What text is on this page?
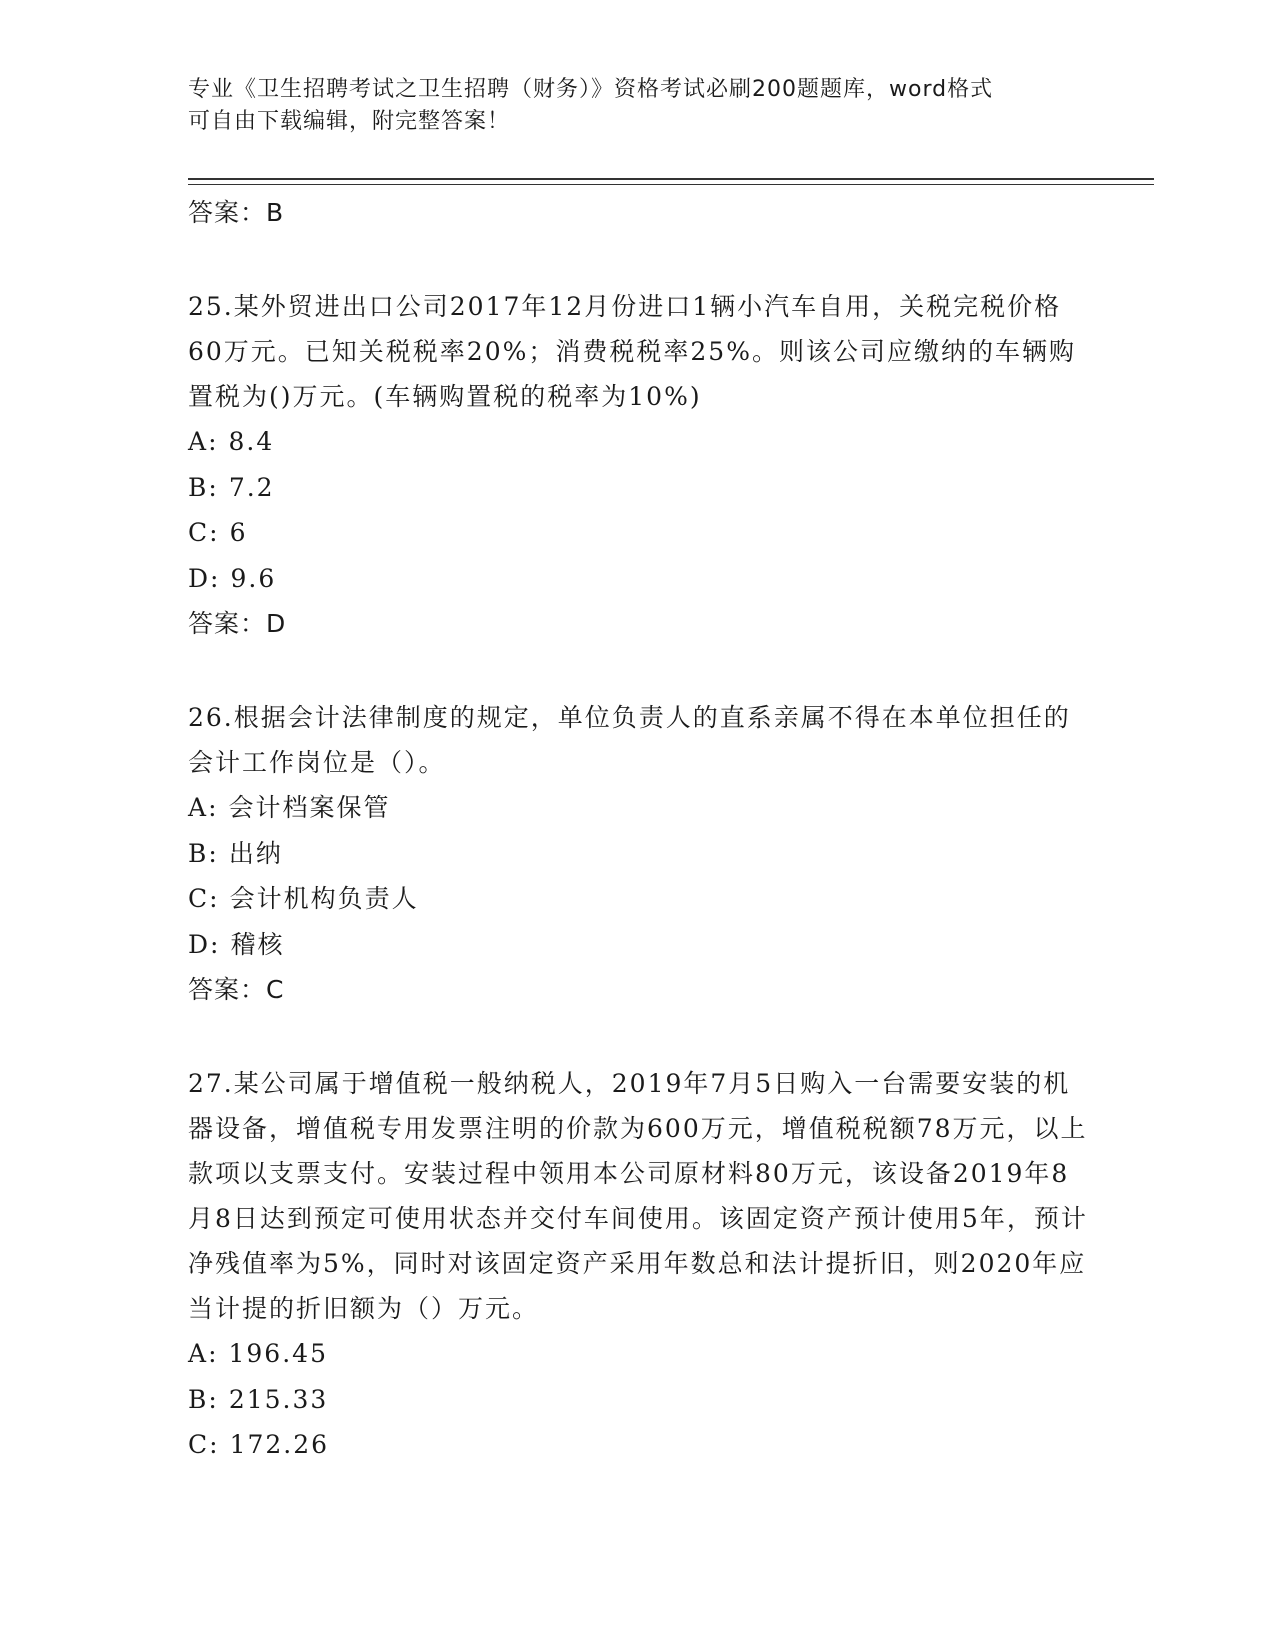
专业《卫生招聘考试之卫生招聘（财务）》资格考试必刷200题题库，word格式
可自由下载编辑，附完整答案！
答案：B
25.某外贸进出口公司2017年12月份进口1辆小汽车自用，关税完税价格60万元。已知关税税率20%；消费税税率25%。则该公司应缴纳的车辆购置税为()万元。(车辆购置税的税率为10%)
A: 8.4
B: 7.2
C: 6
D: 9.6
答案：D
26.根据会计法律制度的规定，单位负责人的直系亲属不得在本单位担任的会计工作岗位是（）。
A: 会计档案保管
B: 出纳
C: 会计机构负责人
D: 稽核
答案：C
27.某公司属于增值税一般纳税人，2019年7月5日购入一台需要安装的机器设备，增值税专用发票注明的价款为600万元，增值税税额78万元，以上款项以支票支付。安装过程中领用本公司原材料80万元，该设备2019年8月8日达到预定可使用状态并交付车间使用。该固定资产预计使用5年，预计净残值率为5%，同时对该固定资产采用年数总和法计提折旧，则2020年应当计提的折旧额为（）万元。
A: 196.45
B: 215.33
C: 172.26
